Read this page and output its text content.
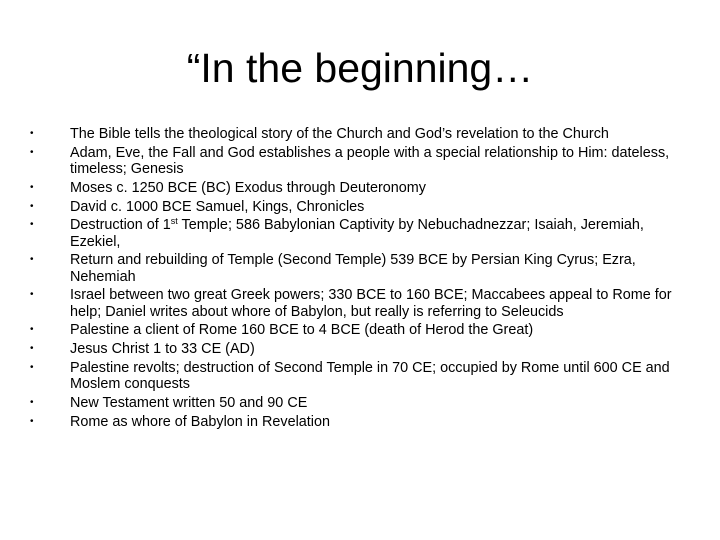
“In the beginning…
•	The Bible tells the theological story of the Church and God’s revelation to the Church
•	Adam, Eve, the Fall and God establishes a people with a special relationship to Him: dateless, timeless; Genesis
•	Moses c. 1250 BCE (BC) Exodus through Deuteronomy
•	David c. 1000 BCE Samuel, Kings, Chronicles
•	Destruction of 1st Temple; 586 Babylonian Captivity by Nebuchadnezzar; Isaiah, Jeremiah, Ezekiel,
•	Return and rebuilding of Temple (Second Temple) 539 BCE by Persian King Cyrus; Ezra, Nehemiah
•	Israel between two great Greek powers; 330 BCE to 160 BCE; Maccabees appeal to Rome for help; Daniel writes about whore of Babylon, but really is referring to Seleucids
•	Palestine a client of Rome 160 BCE to 4 BCE (death of Herod the Great)
•	Jesus Christ 1 to 33 CE (AD)
•	Palestine revolts; destruction of Second Temple in 70 CE; occupied by Rome until 600 CE and Moslem conquests
•	New Testament written 50 and 90 CE
•	Rome as whore of Babylon in Revelation
